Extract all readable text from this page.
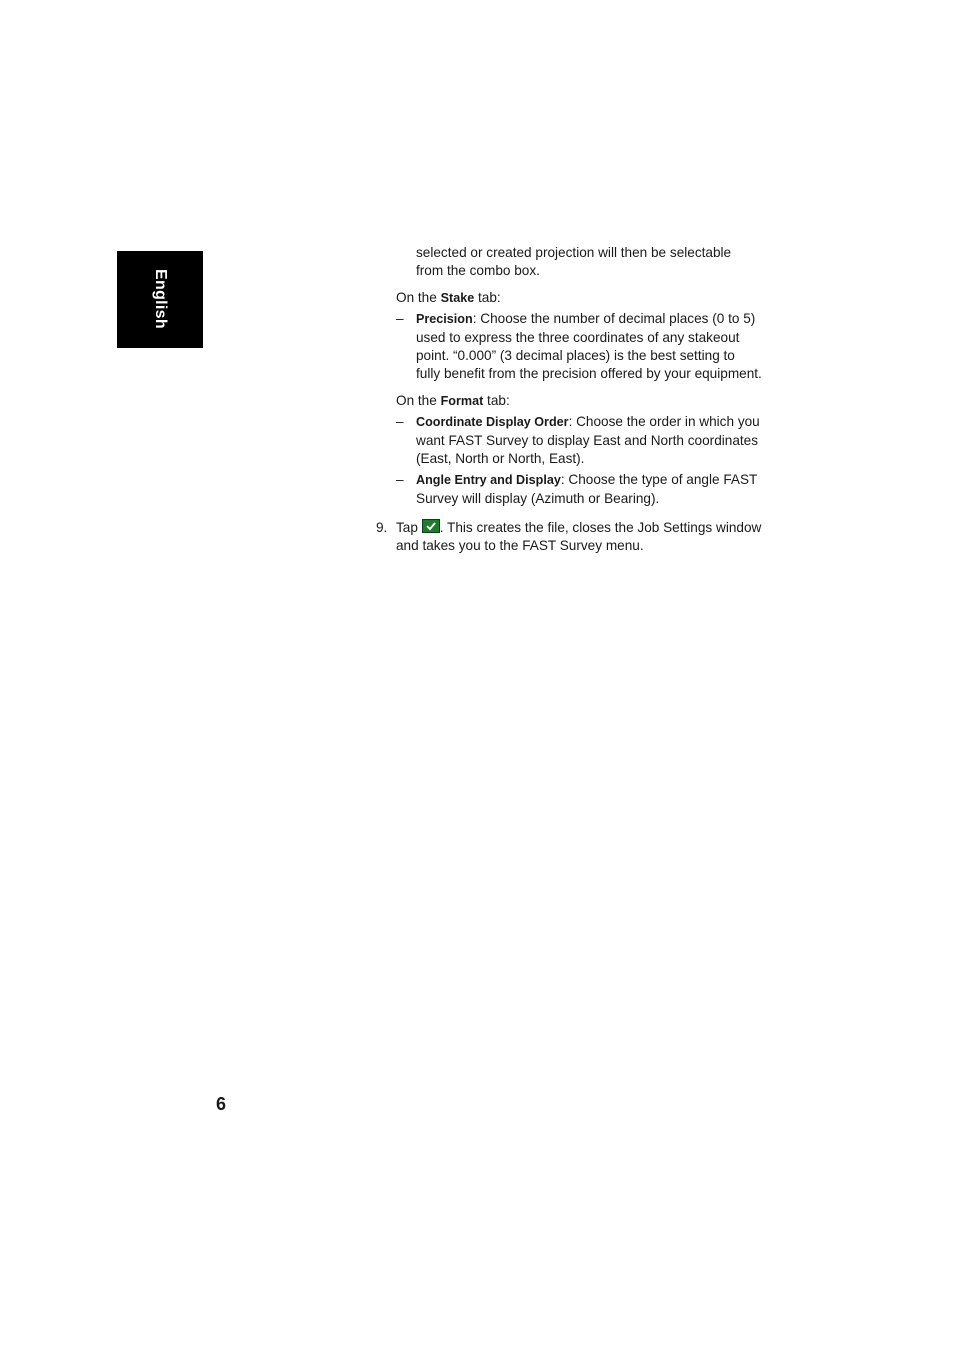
English

selected or created projection will then be selectable from the combo box.

On the Stake tab:

– Precision: Choose the number of decimal places (0 to 5) used to express the three coordinates of any stakeout point. “0.000” (3 decimal places) is the best setting to fully benefit from the precision offered by your equipment.

On the Format tab:

– Coordinate Display Order: Choose the order in which you want FAST Survey to display East and North coordinates (East, North or North, East).
– Angle Entry and Display: Choose the type of angle FAST Survey will display (Azimuth or Bearing).
9. Tap
. This creates the file, closes the Job Settings window and takes you to the FAST Survey menu.
6
